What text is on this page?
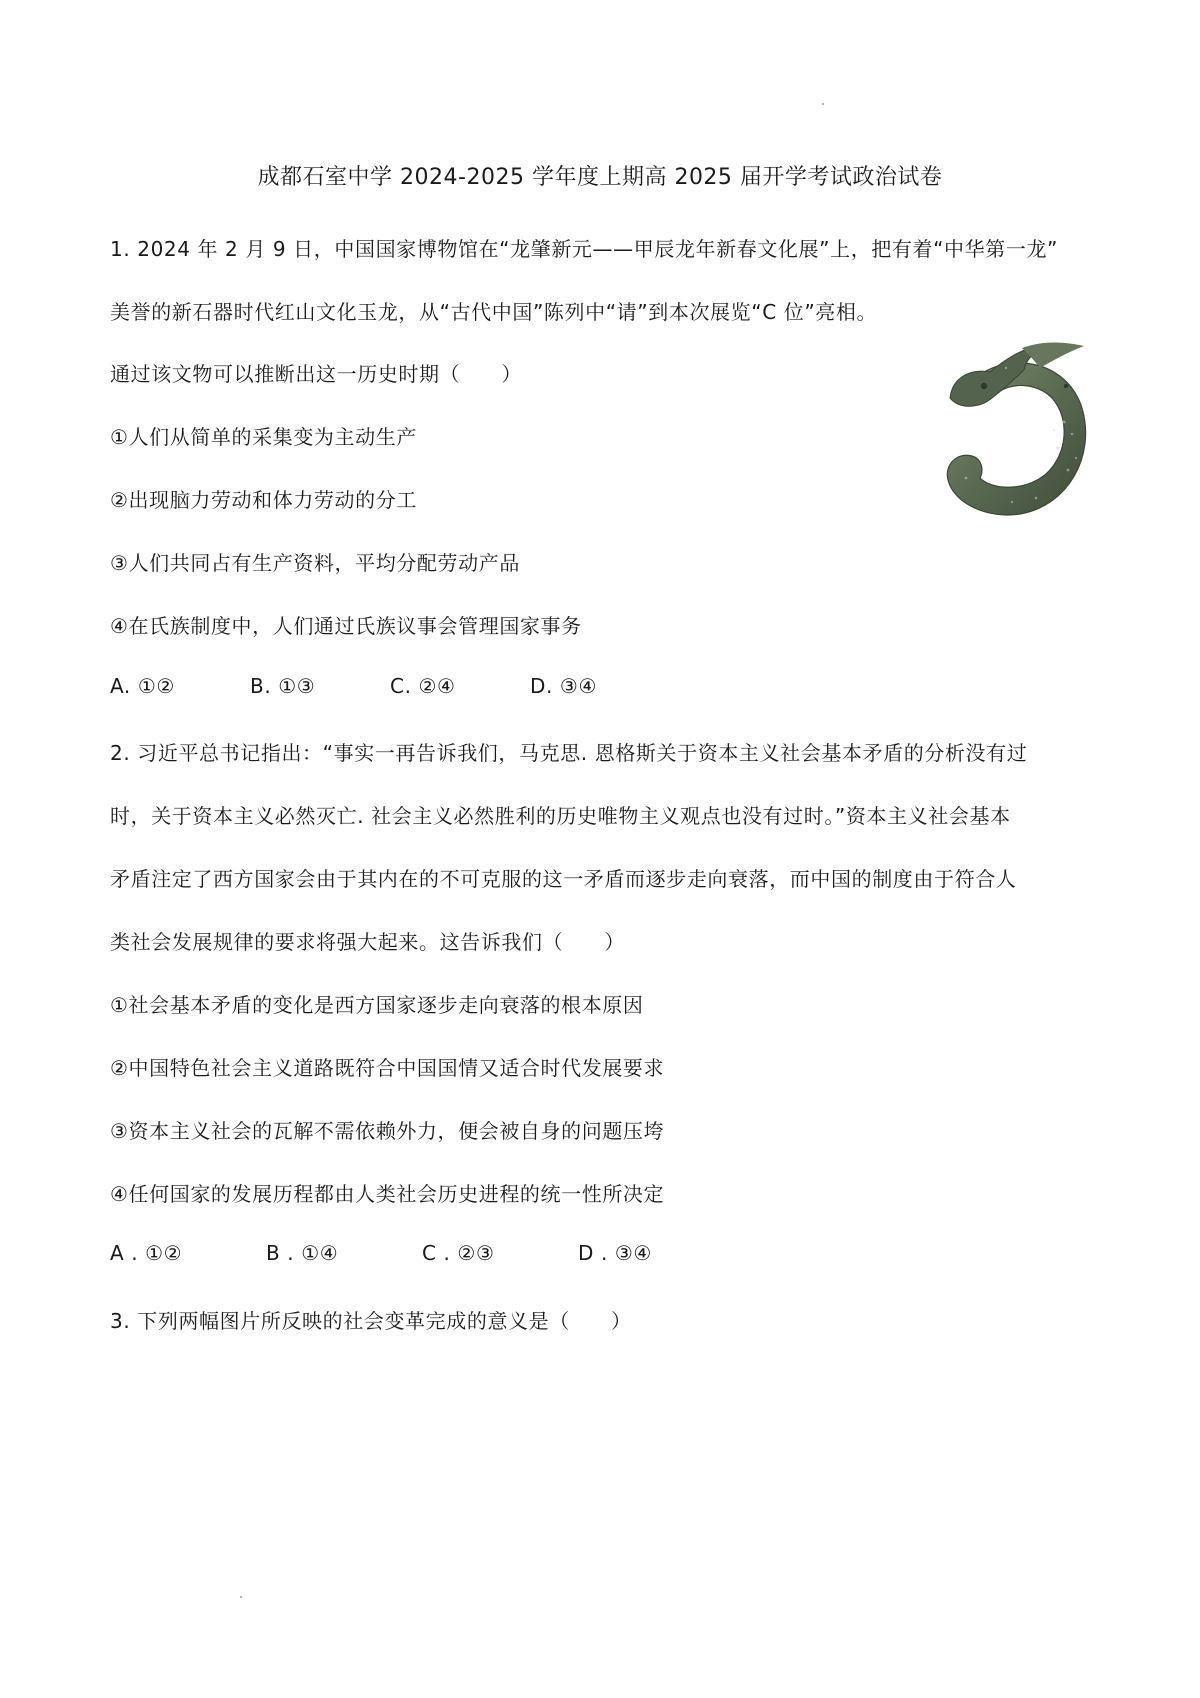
成都石室中学 2024-2025 学年度上期高 2025 届开学考试政治试卷
1. 2024 年 2 月 9 日，中国国家博物馆在“龙肇新元——甲辰龙年新春文化展”上，把有着“中华第一龙”
美誉的新石器时代红山文化玉龙，从“古代中国”陈列中“请”到本次展览“C 位”亮相。
通过该文物可以推断出这一历史时期（　　）
①人们从简单的采集变为主动生产
②出现脑力劳动和体力劳动的分工
③人们共同占有生产资料，平均分配劳动产品
④在氏族制度中，人们通过氏族议事会管理国家事务
A. ①②	B. ①③	C. ②④	D. ③④
2. 习近平总书记指出：“事实一再告诉我们，马克思. 恩格斯关于资本主义社会基本矛盾的分析没有过
时，关于资本主义必然灭亡. 社会主义必然胜利的历史唯物主义观点也没有过时。”资本主义社会基本
矛盾注定了西方国家会由于其内在的不可克服的这一矛盾而逐步走向衰落，而中国的制度由于符合人
类社会发展规律的要求将强大起来。这告诉我们（　　）
①社会基本矛盾的变化是西方国家逐步走向衰落的根本原因
②中国特色社会主义道路既符合中国国情又适合时代发展要求
③资本主义社会的瓦解不需依赖外力，便会被自身的问题压垮
④任何国家的发展历程都由人类社会历史进程的统一性所决定
A . ①②	B . ①④	C . ②③	D . ③④
3. 下列两幅图片所反映的社会变革完成的意义是（　　）
